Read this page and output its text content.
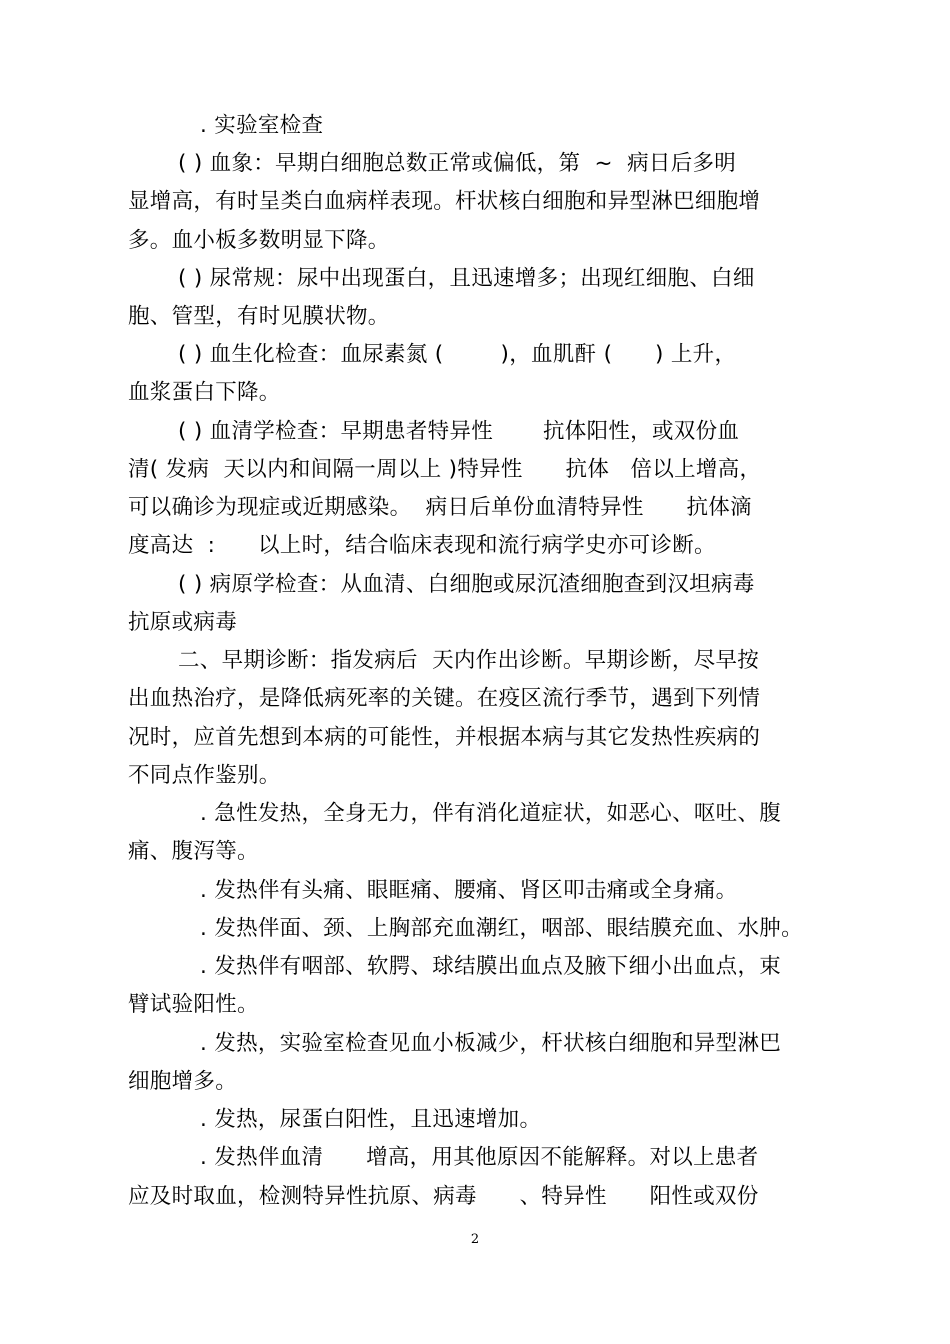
. 实验室检查
( ) 血象：早期白细胞总数正常或偏低，第  ~  病日后多明
显增高，有时呈类白血病样表现。杆状核白细胞和异型淋巴细胞增
多。血小板多数明显下降。
( ) 尿常规：尿中出现蛋白，且迅速增多；出现红细胞、白细
胞、管型，有时见膜状物。
( ) 血生化检查：血尿素氮 (        )，血肌酐 (      ) 上升，
血浆蛋白下降。
( ) 血清学检查：早期患者特异性       抗体阳性，或双份血
清( 发病  天以内和间隔一周以上 )特异性      抗体   倍以上增高，
可以确诊为现症或近期感染。  病日后单份血清特异性      抗体滴
度高达  :      以上时，结合临床表现和流行病学史亦可诊断。
( ) 病原学检查：从血清、白细胞或尿沉渣细胞查到汉坦病毒
抗原或病毒
二、早期诊断：指发病后  天内作出诊断。早期诊断，尽早按
出血热治疗，是降低病死率的关键。在疫区流行季节，遇到下列情
况时，应首先想到本病的可能性，并根据本病与其它发热性疾病的
不同点作鉴别。
. 急性发热，全身无力，伴有消化道症状，如恶心、呕吐、腹
痛、腹泻等。
. 发热伴有头痛、眼眶痛、腰痛、肾区叩击痛或全身痛。
. 发热伴面、颈、上胸部充血潮红，咽部、眼结膜充血、水肿。
. 发热伴有咽部、软腭、球结膜出血点及腋下细小出血点，束
臂试验阳性。
. 发热，实验室检查见血小板减少，杆状核白细胞和异型淋巴
细胞增多。
. 发热，尿蛋白阳性，且迅速增加。
. 发热伴血清      增高，用其他原因不能解释。对以上患者
应及时取血，检测特异性抗原、病毒      、特异性      阳性或双份
2
